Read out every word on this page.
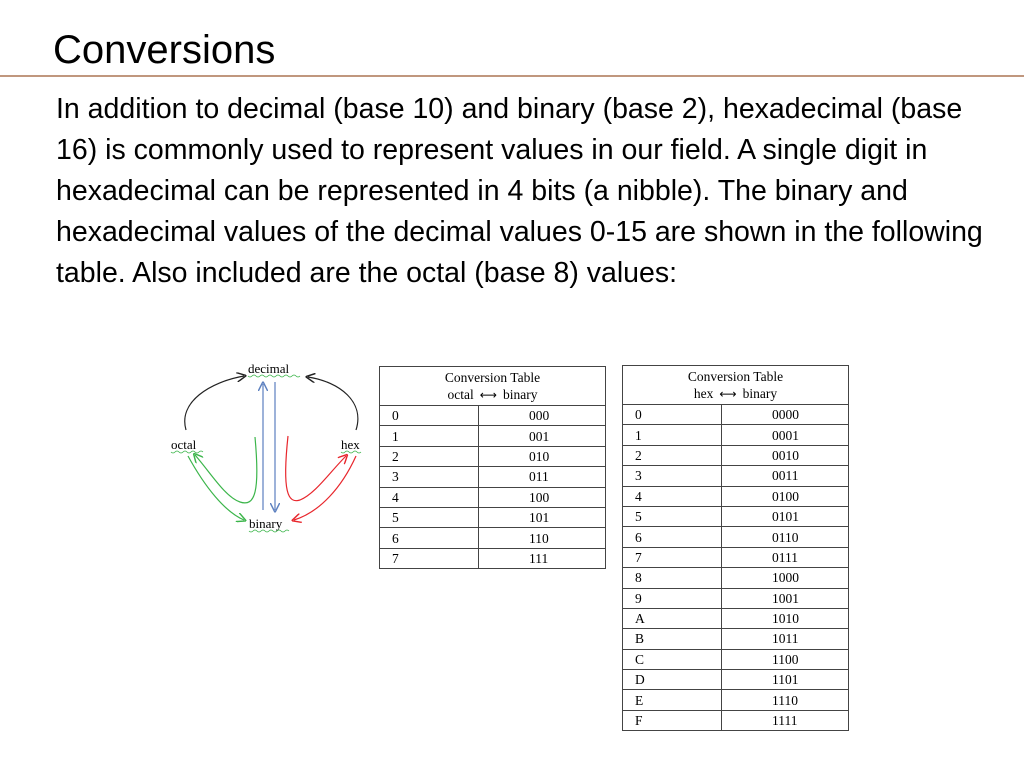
Conversions

In addition to decimal (base 10) and binary (base 2), hexadecimal (base 16) is commonly used to represent values in our field. A single digit in hexadecimal can be represented in 4 bits (a nibble). The binary and hexadecimal values of the decimal values 0-15 are shown in the following table. Also included are the octal (base 8) values:

decimal
octal	hex
binary
Conversion Table
octal ⟷ binary	

0	000
1	001
2	010
3	011
4	100
5	101
6	110
7	111
Conversion Table
hex ⟷ binary	

0	0000
1	0001
2	0010
3	0011
4	0100
5	0101
6	0110
7	0111
8	1000
9	1001
A	1010
B	1011
C	1100
D	1101
E	1110
F	1111
